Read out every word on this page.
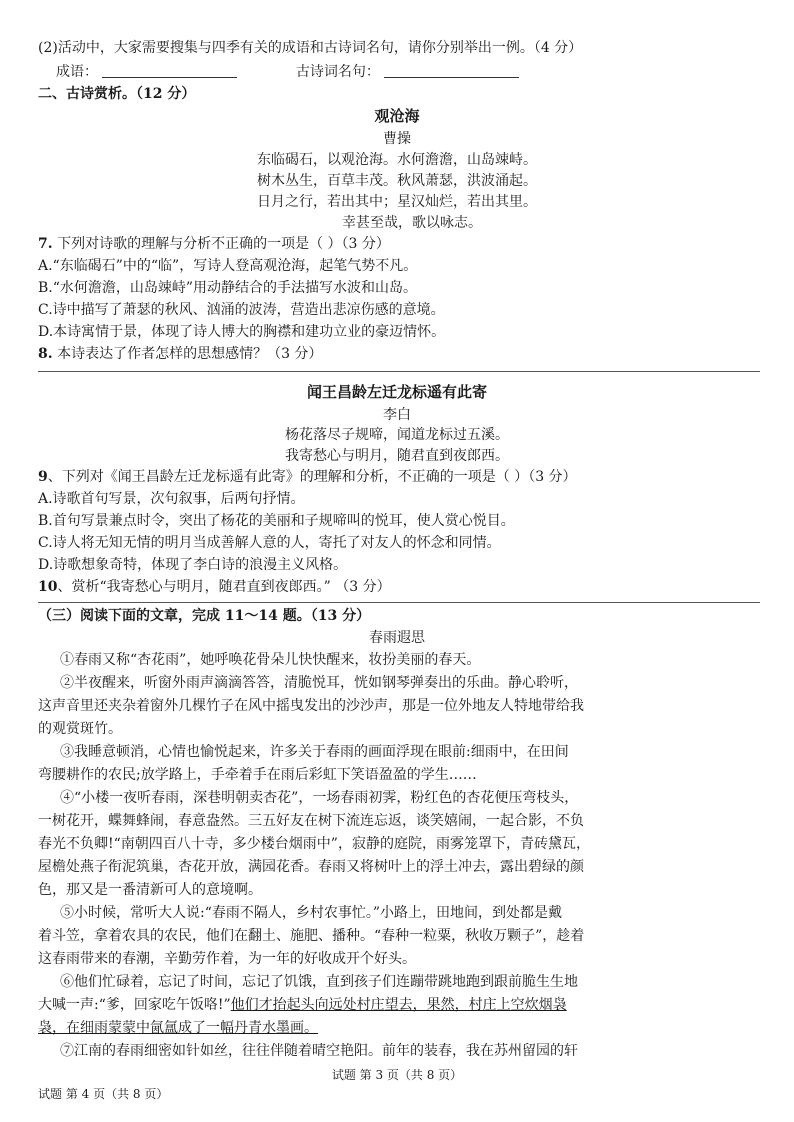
(2)活动中，大家需要搜集与四季有关的成语和古诗词名句，请你分别举出一例。（4 分）
成语：	古诗词名句：
二、古诗赏析。（12 分）
观沧海
曹操
东临碣石，以观沧海。水何澹澹，山岛竦峙。
树木丛生，百草丰茂。秋风萧瑟，洪波涌起。
日月之行，若出其中；星汉灿烂，若出其里。
幸甚至哉，歌以咏志。
7. 下列对诗歌的理解与分析不正确的一项是（ ）（3 分）
A.“东临碣石”中的“临”，写诗人登高观沧海，起笔气势不凡。
B.“水何澹澹，山岛竦峙”用动静结合的手法描写水波和山岛。
C.诗中描写了萧瑟的秋风、汹涌的波涛，营造出悲凉伤感的意境。
D.本诗寓情于景，体现了诗人博大的胸襟和建功立业的豪迈情怀。
8. 本诗表达了作者怎样的思想感情？（3 分）
闻王昌龄左迁龙标遥有此寄
李白
杨花落尽子规啼，闻道龙标过五溪。
我寄愁心与明月，随君直到夜郎西。
9、下列对《闻王昌龄左迁龙标遥有此寄》的理解和分析，不正确的一项是（ ）（3 分）
A.诗歌首句写景，次句叙事，后两句抒情。
B.首句写景兼点时令，突出了杨花的美丽和子规啼叫的悦耳，使人赏心悦目。
C.诗人将无知无情的明月当成善解人意的人，寄托了对友人的怀念和同情。
D.诗歌想象奇特，体现了李白诗的浪漫主义风格。
10、赏析“我寄愁心与明月，随君直到夜郎西。” （3 分）
（三）阅读下面的文章，完成 11～14 题。（13 分）
春雨遐思
①春雨又称“杏花雨”，她呼唤花骨朵儿快快醒来，妆扮美丽的春天。
②半夜醒来，听窗外雨声滴滴答答，清脆悦耳，恍如钢琴弹奏出的乐曲。静心聆听，
这声音里还夹杂着窗外几棵竹子在风中摇曳发出的沙沙声，那是一位外地友人特地带给我
的观赏斑竹。
③我睡意顿消，心情也愉悦起来，许多关于春雨的画面浮现在眼前:细雨中，在田间
弯腰耕作的农民;放学路上，手牵着手在雨后彩虹下笑语盈盈的学生……
④“小楼一夜听春雨，深巷明朝卖杏花”，一场春雨初霁，粉红色的杏花便压弯枝头，
一树花开，蝶舞蜂闹，春意盎然。三五好友在树下流连忘返，谈笑嬉闹，一起合影，不负
春光不负卿!“南朝四百八十寺，多少楼台烟雨中”，寂静的庭院，雨雾笼罩下，青砖黛瓦，
屋檐处燕子衔泥筑巢，杏花开放，满园花香。春雨又将树叶上的浮土冲去，露出碧绿的颜
色，那又是一番清新可人的意境啊。
⑤小时候，常听大人说:“春雨不隔人，乡村农事忙。”小路上，田地间，到处都是戴
着斗笠，拿着农具的农民，他们在翻土、施肥、播种。“春种一粒粟，秋收万颗子”，趁着
这春雨带来的春潮，辛勤劳作着，为一年的好收成开个好头。
⑥他们忙碌着，忘记了时间，忘记了饥饿，直到孩子们连蹦带跳地跑到跟前脆生生地
大喊一声:“爹，回家吃午饭咯!”他们才抬起头向远处村庄望去，果然，村庄上空炊烟袅
袅，在细雨蒙蒙中氤氲成了一幅丹青水墨画。
⑦江南的春雨细密如针如丝，往往伴随着晴空艳阳。前年的装春，我在苏州留园的轩
试题 第 3 页（共 8 页）
试题 第 4 页（共 8 页）
